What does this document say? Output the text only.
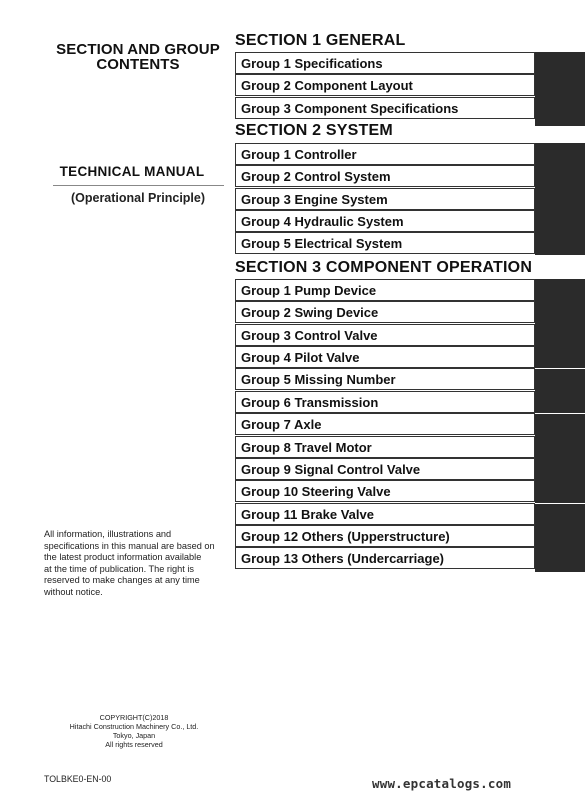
SECTION AND GROUP
CONTENTS
TECHNICAL MANUAL
(Operational Principle)
All information, illustrations and
specifications in this manual are based on
the latest product information available
at the time of publication. The right is
reserved to make changes at any time
without notice.
COPYRIGHT(C)2018
Hitachi Construction Machinery Co., Ltd.
Tokyo, Japan
All rights reserved
TOLBKE0-EN-00	www.epcatalogs.com
SECTION 1 GENERAL
Group 1 Specifications
Group 2 Component Layout
Group 3 Component Specifications
SECTION 2 SYSTEM
Group 1 Controller
Group 2 Control System
Group 3 Engine System
Group 4 Hydraulic System
Group 5 Electrical System
SECTION 3 COMPONENT OPERATION
Group 1 Pump Device
Group 2 Swing Device
Group 3 Control Valve
Group 4 Pilot Valve
Group 5 Missing Number
Group 6 Transmission
Group 7 Axle
Group 8 Travel Motor
Group 9 Signal Control Valve
Group 10 Steering Valve
Group 11 Brake Valve
Group 12 Others (Upperstructure)
Group 13 Others (Undercarriage)
